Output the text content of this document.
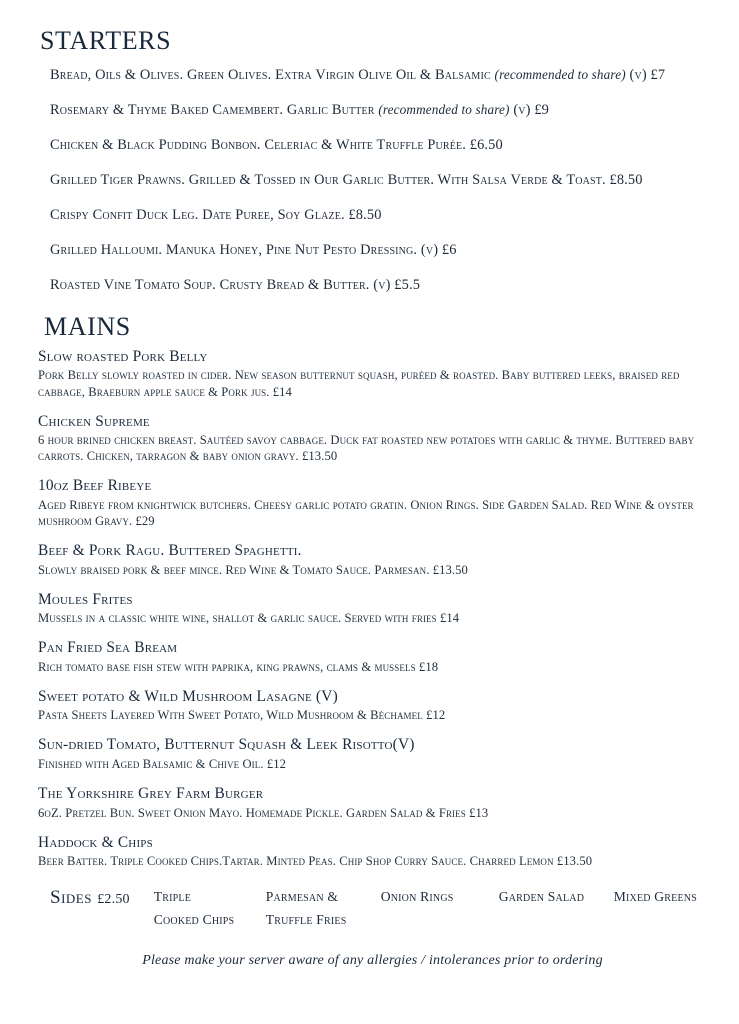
STARTERS
Bread, Oils & Olives. Green Olives. Extra Virgin Olive Oil & Balsamic (recommended to share) (v) £7
Rosemary & Thyme Baked Camembert. Garlic Butter (recommended to share) (v) £9
Chicken & Black Pudding Bonbon. Celeriac & White Truffle Purée. £6.50
Grilled Tiger Prawns. Grilled & Tossed in Our Garlic Butter. With Salsa Verde & Toast. £8.50
Crispy Confit Duck Leg. Date Puree, Soy Glaze. £8.50
Grilled Halloumi. Manuka Honey, Pine Nut Pesto Dressing. (v) £6
Roasted Vine Tomato Soup. Crusty Bread & Butter. (v) £5.5
MAINS
Slow roasted Pork Belly
Pork Belly slowly roasted in cider. New season butternut squash, puréed & roasted. Baby buttered leeks, braised red cabbage, Braeburn apple sauce & Pork jus. £14
Chicken Supreme
6 hour brined chicken breast. Sautéed savoy cabbage. Duck fat roasted new potatoes with garlic & thyme. Buttered baby carrots. Chicken, tarragon & baby onion gravy. £13.50
10oz Beef Ribeye
Aged Ribeye from knightwick butchers. Cheesy garlic potato gratin. Onion Rings. Side Garden Salad. Red Wine & oyster mushroom Gravy. £29
Beef & Pork Ragu. Buttered Spaghetti.
Slowly braised pork & beef mince. Red Wine & Tomato Sauce. Parmesan. £13.50
Moules Frites
Mussels in a classic white wine, shallot & garlic sauce. Served with fries £14
Pan Fried Sea Bream
Rich tomato base fish stew with paprika, king prawns, clams & mussels £18
Sweet potato & Wild Mushroom Lasagne (V)
Pasta Sheets Layered With Sweet Potato, Wild Mushroom & Béchamel £12
Sun-dried Tomato, Butternut Squash & Leek Risotto(V)
Finished with Aged Balsamic & Chive Oil. £12
The Yorkshire Grey Farm Burger
6oZ. Pretzel Bun. Sweet Onion Mayo. Homemade Pickle. Garden Salad & Fries £13
Haddock & Chips
Beer Batter. Triple Cooked Chips.Tartar. Minted Peas. Chip Shop Curry Sauce. Charred Lemon £13.50
Sides £2.50 Triple
Cooked Chips
Parmesan &
Truffle Fries
Onion Rings	Garden Salad	Mixed Greens
Please make your server aware of any allergies / intolerances prior to ordering
